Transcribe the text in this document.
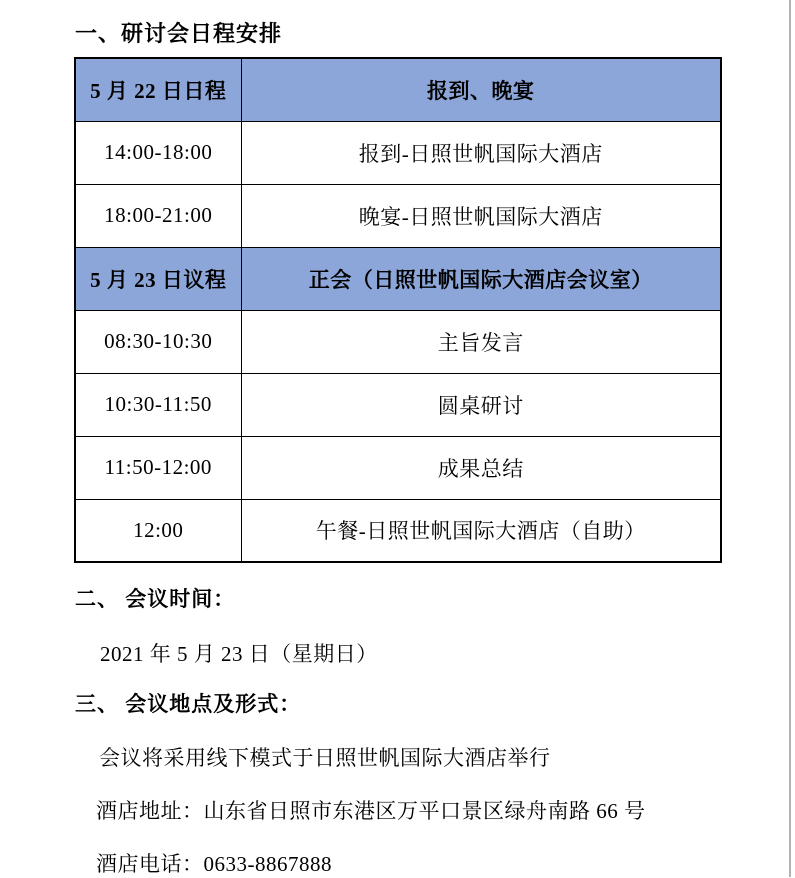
一、研讨会日程安排
5 月 22 日日程	报到、晚宴
14:00-18:00	报到-日照世帆国际大酒店
18:00-21:00	晚宴-日照世帆国际大酒店
5 月 23 日议程	正会（日照世帆国际大酒店会议室）
08:30-10:30	主旨发言
10:30-11:50	圆桌研讨
11:50-12:00	成果总结
12:00	午餐-日照世帆国际大酒店（自助）
二、 会议时间：
2021 年 5 月 23 日（星期日）
三、 会议地点及形式：
会议将采用线下模式于日照世帆国际大酒店举行
酒店地址：山东省日照市东港区万平口景区绿舟南路 66 号
酒店电话：0633-8867888
